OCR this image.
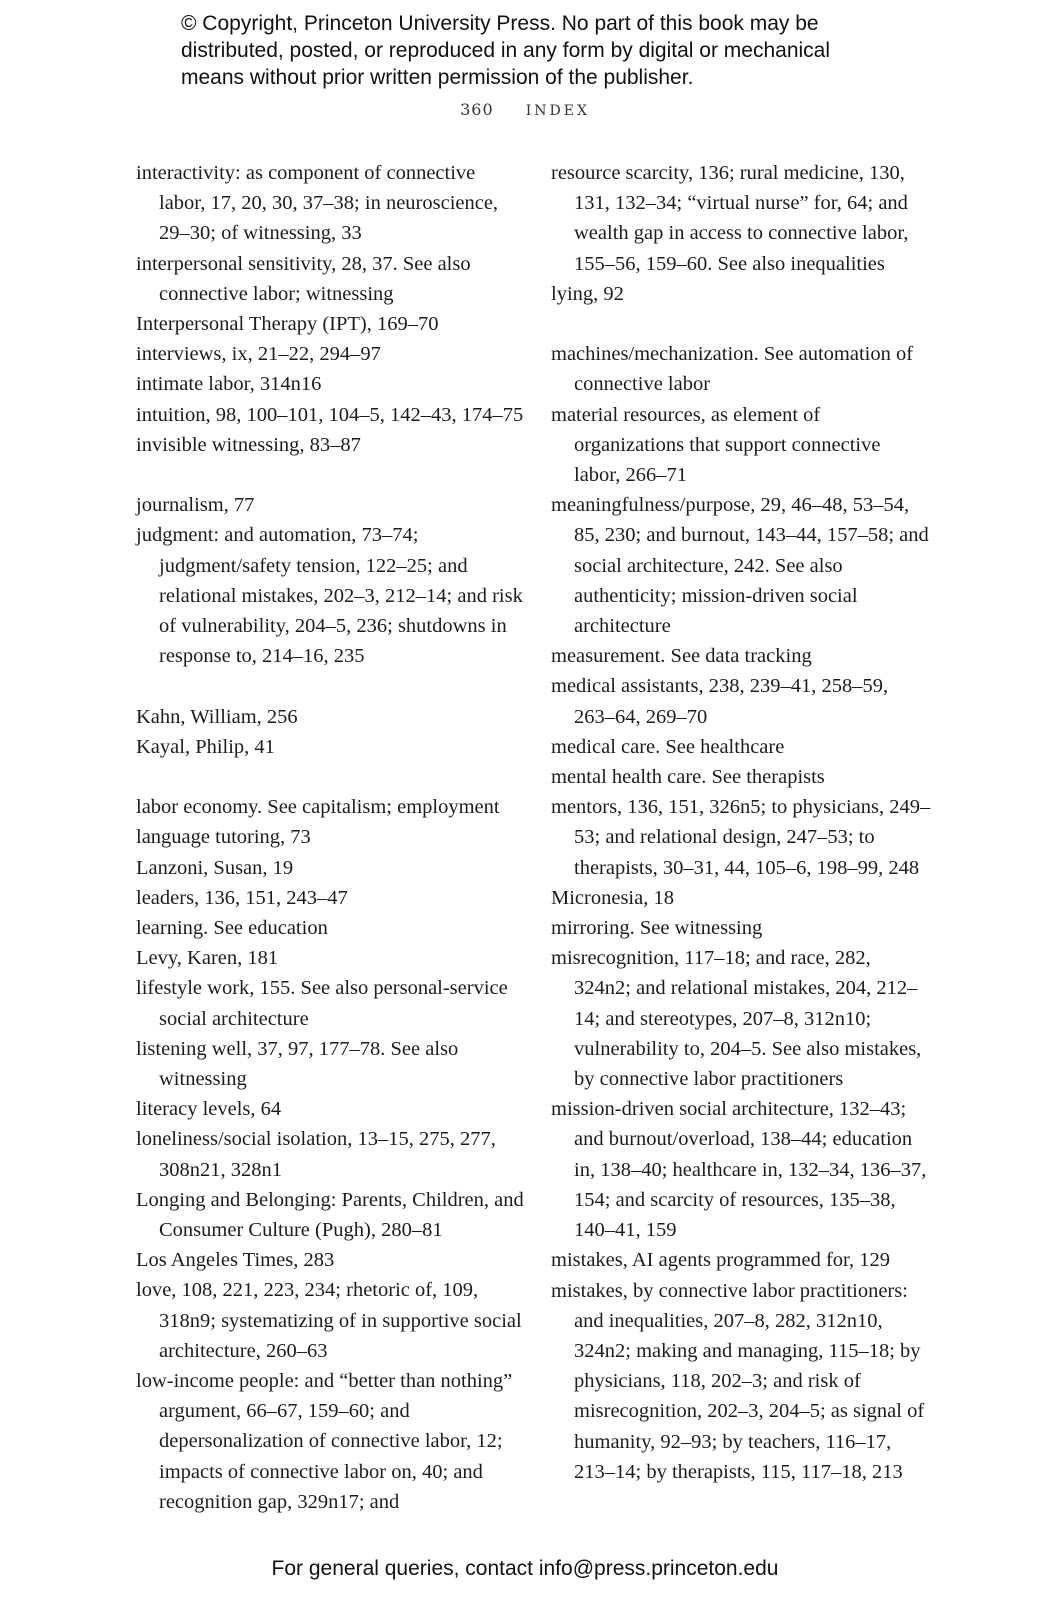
© Copyright, Princeton University Press. No part of this book may be
distributed, posted, or reproduced in any form by digital or mechanical
means without prior written permission of the publisher.
360 INDEX

interactivity: as component of connective labor, 17, 20, 30, 37–38; in neuroscience, 29–30; of witnessing, 33

interpersonal sensitivity, 28, 37. See also connective labor; witnessing

Interpersonal Therapy (IPT), 169–70

interviews, ix, 21–22, 294–97

intimate labor, 314n16

intuition, 98, 100–101, 104–5, 142–43, 174–75

invisible witnessing, 83–87

journalism, 77

judgment: and automation, 73–74; judgment/safety tension, 122–25; and relational mistakes, 202–3, 212–14; and risk of vulnerability, 204–5, 236; shutdowns in response to, 214–16, 235

Kahn, William, 256

Kayal, Philip, 41

labor economy. See capitalism; employment

language tutoring, 73

Lanzoni, Susan, 19

leaders, 136, 151, 243–47

learning. See education

Levy, Karen, 181

lifestyle work, 155. See also personal-service social architecture

listening well, 37, 97, 177–78. See also witnessing

literacy levels, 64

loneliness/social isolation, 13–15, 275, 277, 308n21, 328n1

Longing and Belonging: Parents, Children, and Consumer Culture (Pugh), 280–81

Los Angeles Times, 283

love, 108, 221, 223, 234; rhetoric of, 109, 318n9; systematizing of in supportive social architecture, 260–63

low-income people: and “better than nothing” argument, 66–67, 159–60; and depersonalization of connective labor, 12; impacts of connective labor on, 40; and recognition gap, 329n17; and

resource scarcity, 136; rural medicine, 130, 131, 132–34; “virtual nurse” for, 64; and wealth gap in access to connective labor, 155–56, 159–60. See also inequalities

lying, 92

machines/mechanization. See automation of connective labor

material resources, as element of organizations that support connective labor, 266–71

meaningfulness/purpose, 29, 46–48, 53–54, 85, 230; and burnout, 143–44, 157–58; and social architecture, 242. See also authenticity; mission-driven social architecture

measurement. See data tracking

medical assistants, 238, 239–41, 258–59, 263–64, 269–70

medical care. See healthcare

mental health care. See therapists

mentors, 136, 151, 326n5; to physicians, 249–53; and relational design, 247–53; to therapists, 30–31, 44, 105–6, 198–99, 248

Micronesia, 18

mirroring. See witnessing

misrecognition, 117–18; and race, 282, 324n2; and relational mistakes, 204, 212–14; and stereotypes, 207–8, 312n10; vulnerability to, 204–5. See also mistakes, by connective labor practitioners

mission-driven social architecture, 132–43; and burnout/overload, 138–44; education in, 138–40; healthcare in, 132–34, 136–37, 154; and scarcity of resources, 135–38, 140–41, 159

mistakes, AI agents programmed for, 129

mistakes, by connective labor practitioners: and inequalities, 207–8, 282, 312n10, 324n2; making and managing, 115–18; by physicians, 118, 202–3; and risk of misrecognition, 202–3, 204–5; as signal of humanity, 92–93; by teachers, 116–17, 213–14; by therapists, 115, 117–18, 213

For general queries, contact info@press.princeton.edu
